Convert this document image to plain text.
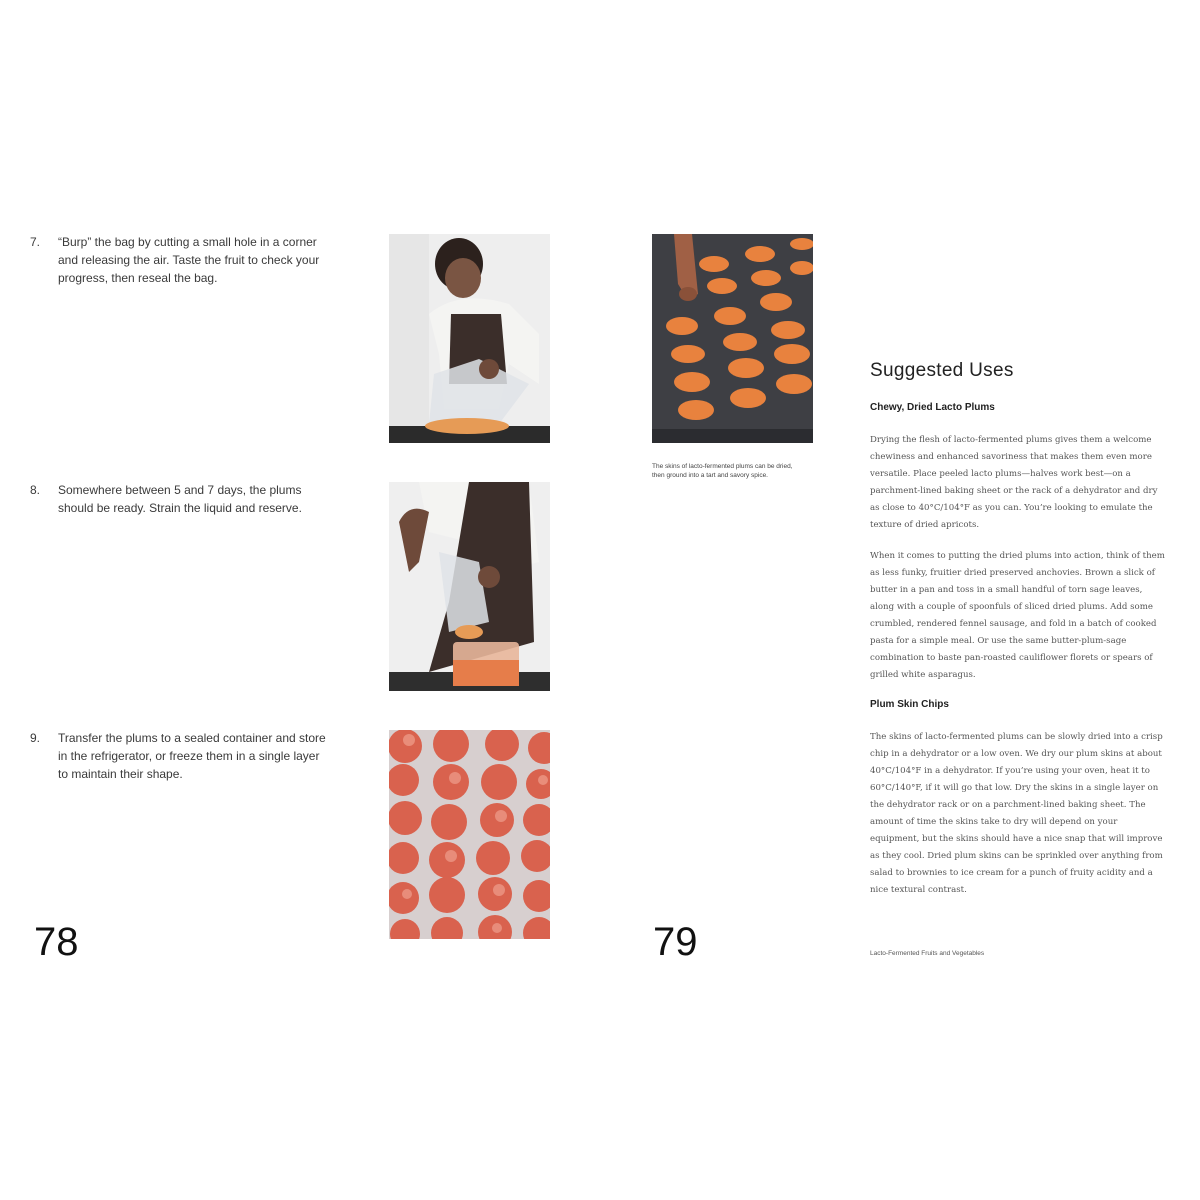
7.	“Burp” the bag by cutting a small hole in a corner and releasing the air. Taste the fruit to check your progress, then reseal the bag.
8.	Somewhere between 5 and 7 days, the plums should be ready. Strain the liquid and reserve.
9.	Transfer the plums to a sealed container and store in the refrigerator, or freeze them in a single layer to maintain their shape.
The skins of lacto-fermented plums can be dried, then ground into a tart and savory spice.
78	79
Suggested Uses
Chewy, Dried Lacto Plums
Drying the flesh of lacto-fermented plums gives them a welcome chewiness and enhanced savoriness that makes them even more versatile. Place peeled lacto plums—halves work best—on a parchment-lined baking sheet or the rack of a dehydrator and dry as close to 40°C/104°F as you can. You’re looking to emulate the texture of dried apricots.
When it comes to putting the dried plums into action, think of them as less funky, fruitier dried preserved anchovies. Brown a slick of butter in a pan and toss in a small handful of torn sage leaves, along with a couple of spoonfuls of sliced dried plums. Add some crumbled, rendered fennel sausage, and fold in a batch of cooked pasta for a simple meal. Or use the same butter-plum-sage combination to baste pan-roasted cauliflower florets or spears of grilled white asparagus.
Plum Skin Chips
The skins of lacto-fermented plums can be slowly dried into a crisp chip in a dehydrator or a low oven. We dry our plum skins at about 40°C/104°F in a dehydrator. If you’re using your oven, heat it to 60°C/140°F, if it will go that low. Dry the skins in a single layer on the dehydrator rack or on a parchment-lined baking sheet. The amount of time the skins take to dry will depend on your equipment, but the skins should have a nice snap that will improve as they cool. Dried plum skins can be sprinkled over anything from salad to brownies to ice cream for a punch of fruity acidity and a nice textural contrast.
Lacto-Fermented Fruits and Vegetables
